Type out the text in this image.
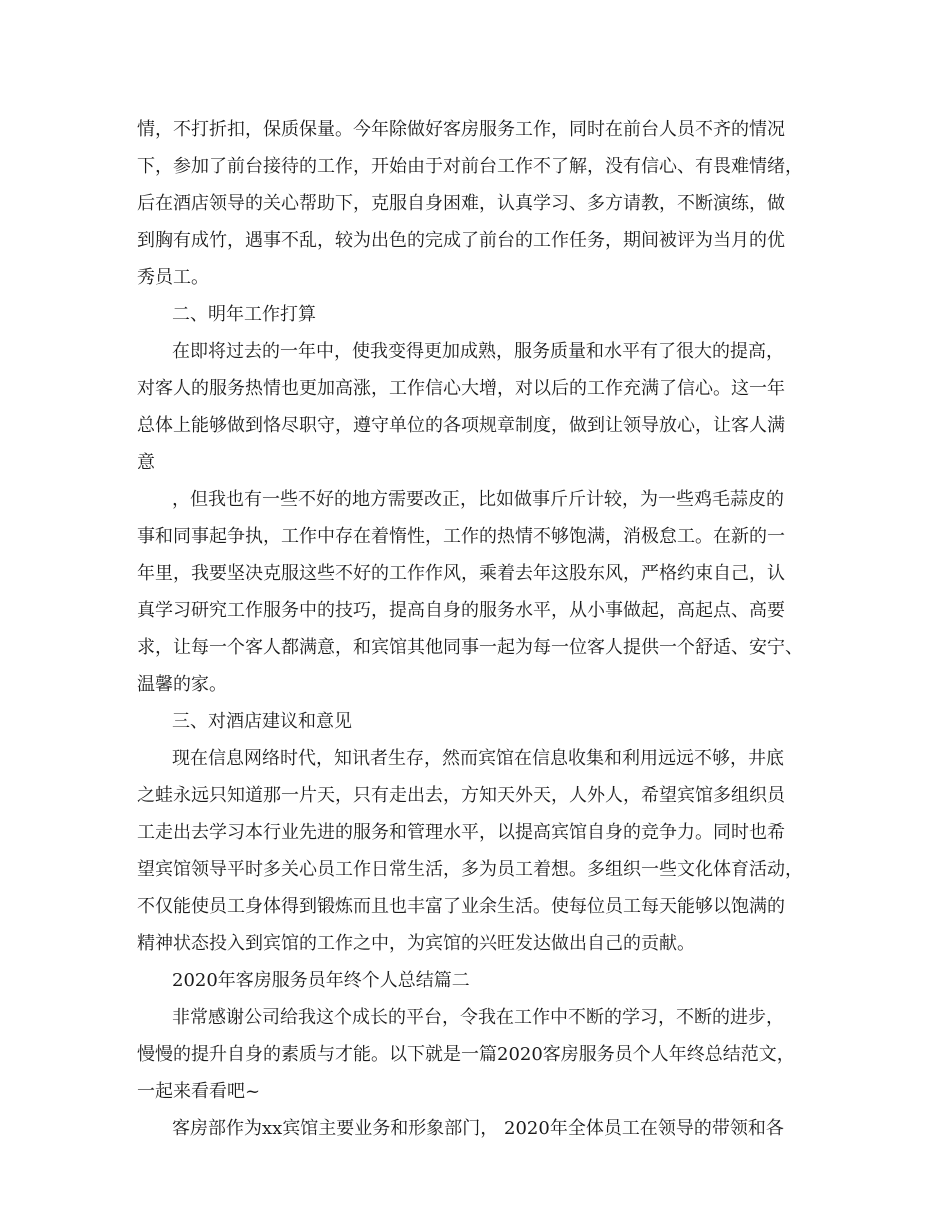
情，不打折扣，保质保量。今年除做好客房服务工作，同时在前台人员不齐的情况
下，参加了前台接待的工作，开始由于对前台工作不了解，没有信心、有畏难情绪，
后在酒店领导的关心帮助下，克服自身困难，认真学习、多方请教，不断演练，做
到胸有成竹，遇事不乱，较为出色的完成了前台的工作任务，期间被评为当月的优
秀员工。
二、明年工作打算
在即将过去的一年中，使我变得更加成熟，服务质量和水平有了很大的提高，
对客人的服务热情也更加高涨，工作信心大增，对以后的工作充满了信心。这一年
总体上能够做到恪尽职守，遵守单位的各项规章制度，做到让领导放心，让客人满
意
，但我也有一些不好的地方需要改正，比如做事斤斤计较，为一些鸡毛蒜皮的
事和同事起争执，工作中存在着惰性，工作的热情不够饱满，消极怠工。在新的一
年里，我要坚决克服这些不好的工作作风，乘着去年这股东风，严格约束自己，认
真学习研究工作服务中的技巧，提高自身的服务水平，从小事做起，高起点、高要
求，让每一个客人都满意，和宾馆其他同事一起为每一位客人提供一个舒适、安宁、
温馨的家。
三、对酒店建议和意见
现在信息网络时代，知讯者生存，然而宾馆在信息收集和利用远远不够，井底
之蛙永远只知道那一片天，只有走出去，方知天外天，人外人，希望宾馆多组织员
工走出去学习本行业先进的服务和管理水平，以提高宾馆自身的竞争力。同时也希
望宾馆领导平时多关心员工作日常生活，多为员工着想。多组织一些文化体育活动，
不仅能使员工身体得到锻炼而且也丰富了业余生活。使每位员工每天能够以饱满的
精神状态投入到宾馆的工作之中，为宾馆的兴旺发达做出自己的贡献。
2020年客房服务员年终个人总结篇二
非常感谢公司给我这个成长的平台，令我在工作中不断的学习，不断的进步，
慢慢的提升自身的素质与才能。以下就是一篇2020客房服务员个人年终总结范文，
一起来看看吧~
客房部作为xx宾馆主要业务和形象部门， 2020年全体员工在领导的带领和各
